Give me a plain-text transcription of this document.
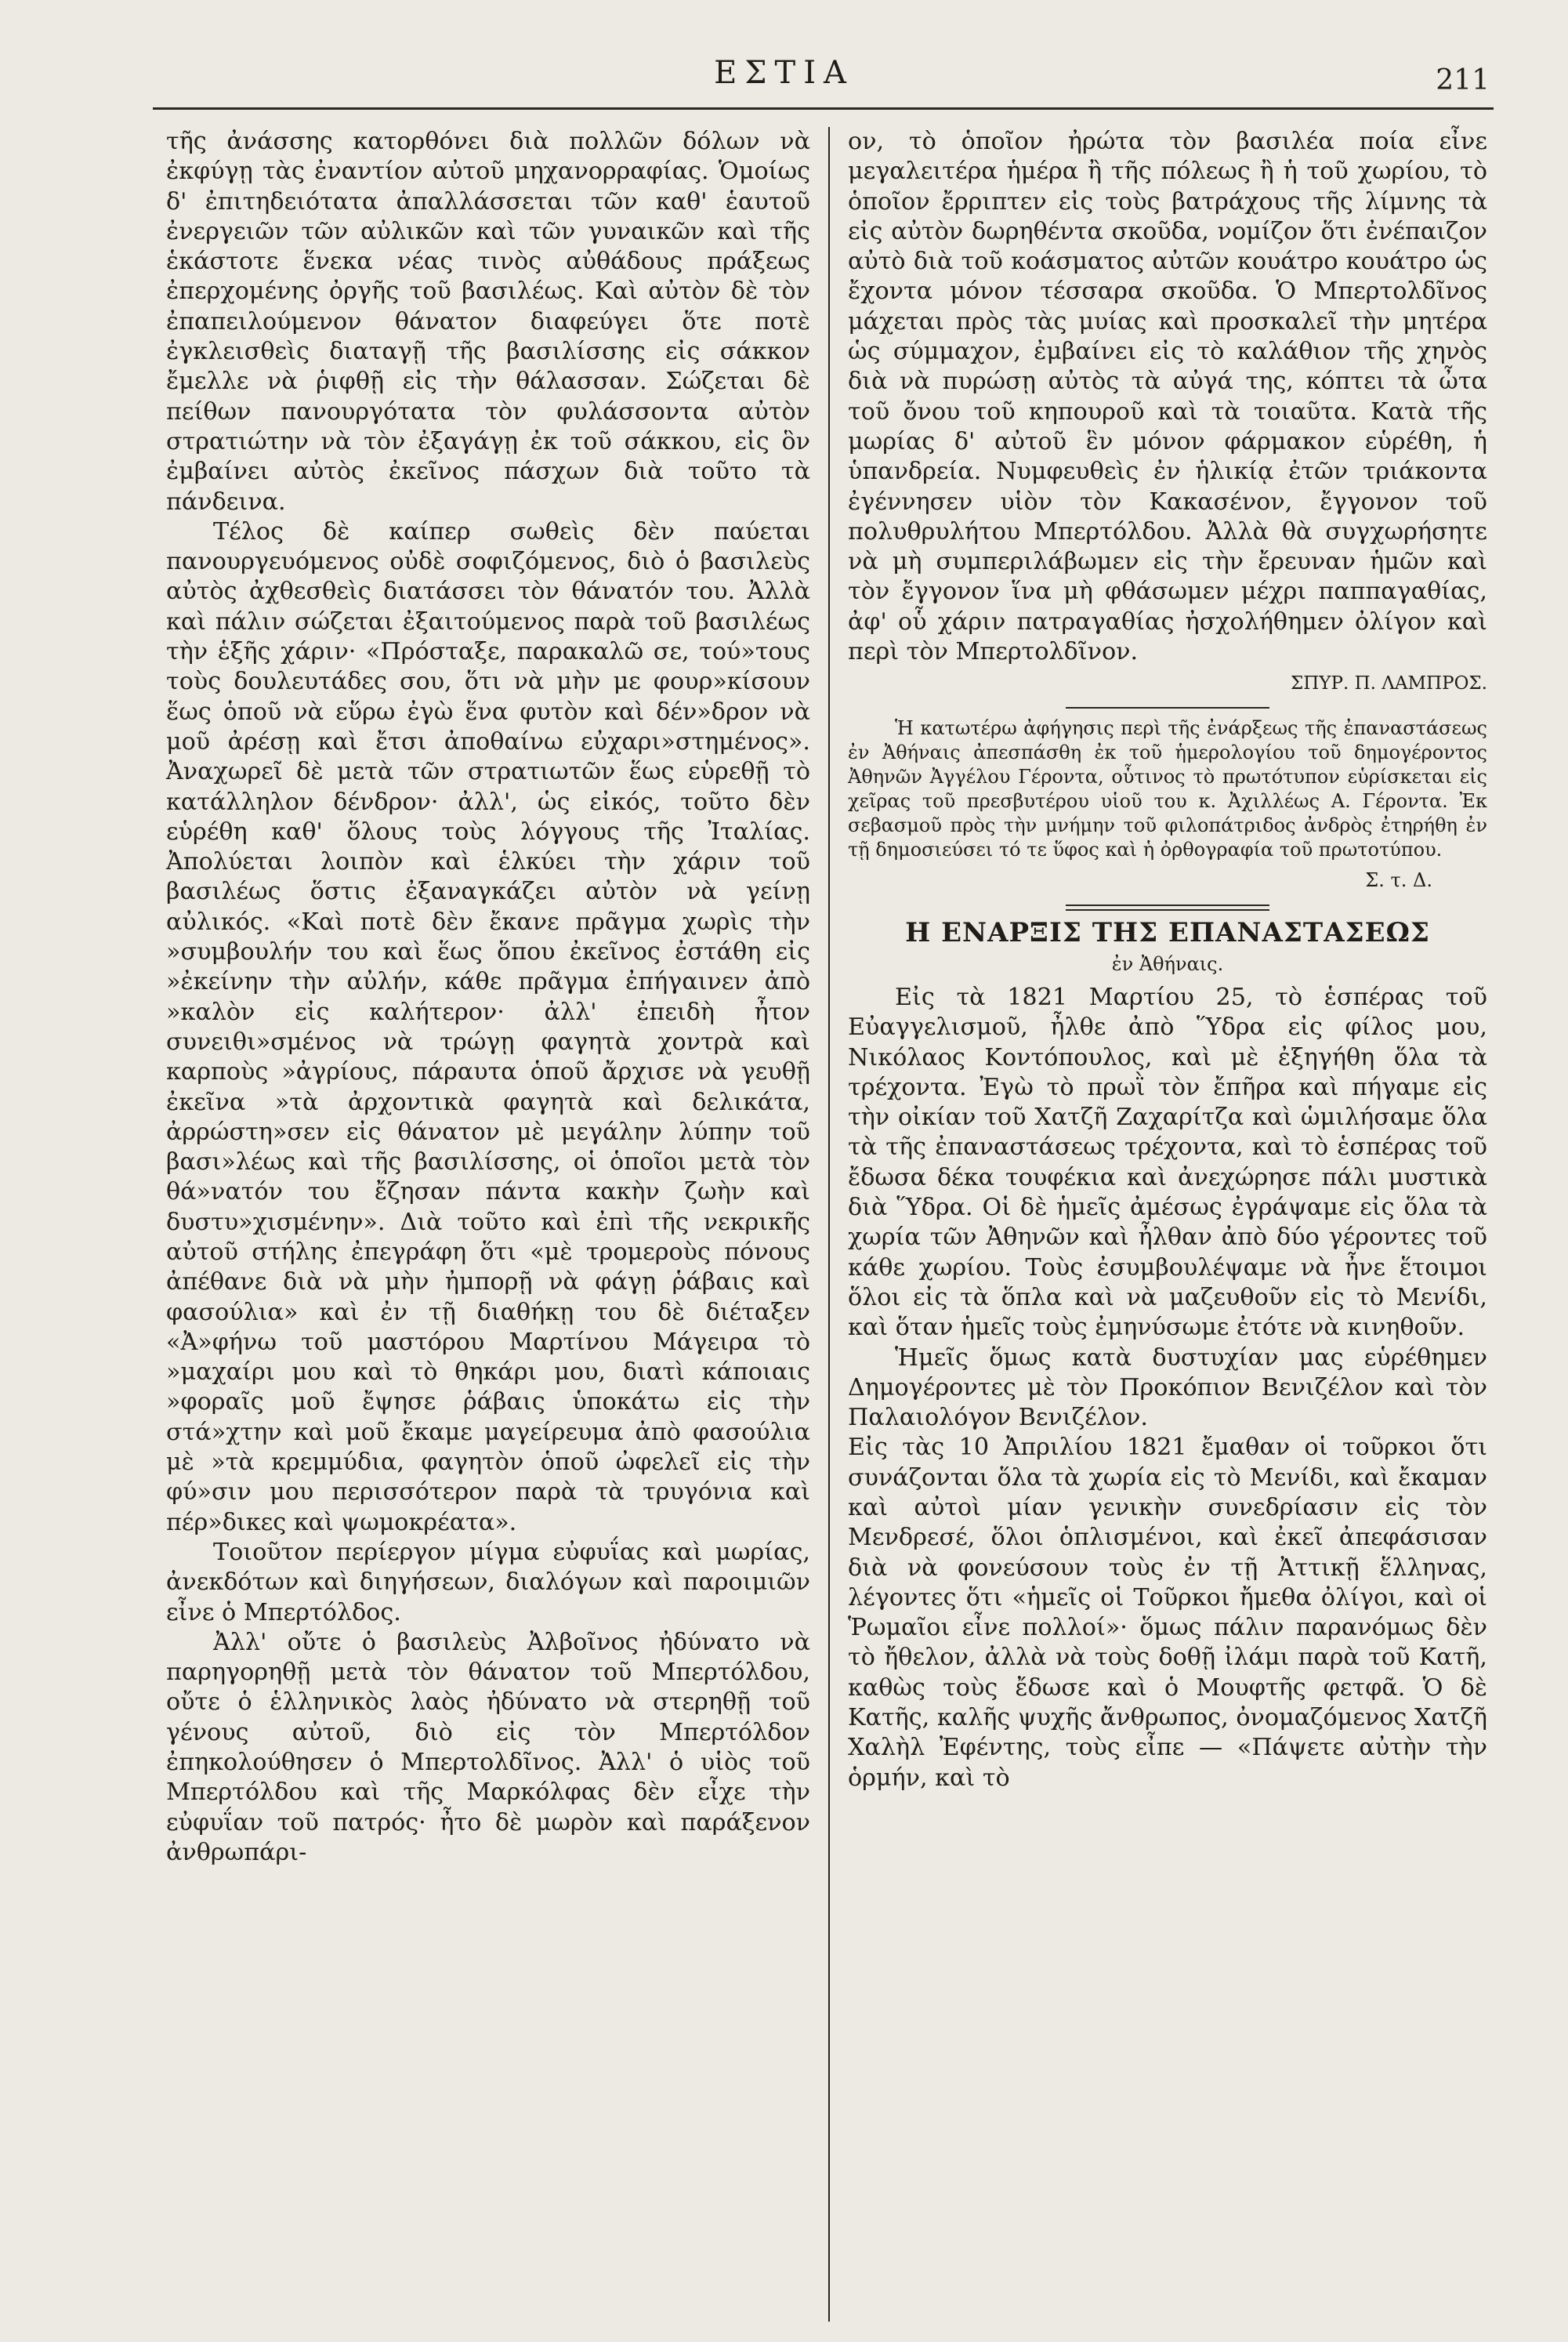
ΕΣΤΙΑ	211

τῆς ἀνάσσης κατορθόνει διὰ πολλῶν δόλων νὰ ἐκφύγῃ τὰς ἐναντίον αὐτοῦ μηχανορραφίας. Ὁμοίως δ' ἐπιτηδειότατα ἀπαλλάσσεται τῶν καθ' ἑαυτοῦ ἐνεργειῶν τῶν αὐλικῶν καὶ τῶν γυναικῶν καὶ τῆς ἑκάστοτε ἕνεκα νέας τινὸς αὐθάδους πράξεως ἐπερχομένης ὀργῆς τοῦ βασιλέως. Καὶ αὐτὸν δὲ τὸν ἐπαπειλούμενον θάνατον διαφεύγει ὅτε ποτὲ ἐγκλεισθεὶς διαταγῇ τῆς βασιλίσσης εἰς σάκκον ἔμελλε νὰ ῥιφθῇ εἰς τὴν θάλασσαν. Σώζεται δὲ πείθων πανουργότατα τὸν φυλάσσοντα αὐτὸν στρατιώτην νὰ τὸν ἐξαγάγῃ ἐκ τοῦ σάκκου, εἰς ὃν ἐμβαίνει αὐτὸς ἐκεῖνος πάσχων διὰ τοῦτο τὰ πάνδεινα.

Τέλος δὲ καίπερ σωθεὶς δὲν παύεται πανουργευόμενος οὐδὲ σοφιζόμενος, διὸ ὁ βασιλεὺς αὐτὸς ἀχθεσθεὶς διατάσσει τὸν θάνατόν του. Ἀλλὰ καὶ πάλιν σώζεται ἐξαιτούμενος παρὰ τοῦ βασιλέως τὴν ἑξῆς χάριν· «Πρόσταξε, παρακαλῶ σε, τού»τους τοὺς δουλευτάδες σου, ὅτι νὰ μὴν με φουρ»κίσουν ἕως ὁποῦ νὰ εὕρω ἐγὼ ἕνα φυτὸν καὶ δέν»δρον νὰ μοῦ ἀρέσῃ καὶ ἔτσι ἀποθαίνω εὐχαρι»στημένος». Ἀναχωρεῖ δὲ μετὰ τῶν στρατιωτῶν ἕως εὑρεθῇ τὸ κατάλληλον δένδρον· ἀλλ', ὡς εἰκός, τοῦτο δὲν εὑρέθη καθ' ὅλους τοὺς λόγγους τῆς Ἰταλίας. Ἀπολύεται λοιπὸν καὶ ἑλκύει τὴν χάριν τοῦ βασιλέως ὅστις ἐξαναγκάζει αὐτὸν νὰ γείνῃ αὐλικός. «Καὶ ποτὲ δὲν ἔκανε πρᾶγμα χωρὶς τὴν »συμβουλήν του καὶ ἕως ὅπου ἐκεῖνος ἐστάθη εἰς »ἐκείνην τὴν αὐλήν, κάθε πρᾶγμα ἐπήγαινεν ἀπὸ »καλὸν εἰς καλήτερον· ἀλλ' ἐπειδὴ ἦτον συνειθι»σμένος νὰ τρώγῃ φαγητὰ χοντρὰ καὶ καρποὺς »ἀγρίους, πάραυτα ὁποῦ ἄρχισε νὰ γευθῇ ἐκεῖνα »τὰ ἀρχοντικὰ φαγητὰ καὶ δελικάτα, ἀρρώστη»σεν εἰς θάνατον μὲ μεγάλην λύπην τοῦ βασι»λέως καὶ τῆς βασιλίσσης, οἱ ὁποῖοι μετὰ τὸν θά»νατόν του ἔζησαν πάντα κακὴν ζωὴν καὶ δυστυ»χισμένην». Διὰ τοῦτο καὶ ἐπὶ τῆς νεκρικῆς αὐτοῦ στήλης ἐπεγράφη ὅτι «μὲ τρομεροὺς πόνους ἀπέθανε διὰ νὰ μὴν ἠμπορῇ νὰ φάγῃ ῥάβαις καὶ φασούλια» καὶ ἐν τῇ διαθήκῃ του δὲ διέταξεν «Ἀ»φήνω τοῦ μαστόρου Μαρτίνου Μάγειρα τὸ »μαχαίρι μου καὶ τὸ θηκάρι μου, διατὶ κάποιαις »φοραῖς μοῦ ἔψησε ῥάβαις ὑποκάτω εἰς τὴν στά»χτην καὶ μοῦ ἔκαμε μαγείρευμα ἀπὸ φασούλια μὲ »τὰ κρεμμύδια, φαγητὸν ὁποῦ ὠφελεῖ εἰς τὴν φύ»σιν μου περισσότερον παρὰ τὰ τρυγόνια καὶ πέρ»δικες καὶ ψωμοκρέατα».

Τοιοῦτον περίεργον μίγμα εὐφυΐας καὶ μωρίας, ἀνεκδότων καὶ διηγήσεων, διαλόγων καὶ παροιμιῶν εἶνε ὁ Μπερτόλδος.

Ἀλλ' οὔτε ὁ βασιλεὺς Ἀλβοῖνος ἠδύνατο νὰ παρηγορηθῇ μετὰ τὸν θάνατον τοῦ Μπερτόλδου, οὔτε ὁ ἑλληνικὸς λαὸς ἠδύνατο νὰ στερηθῇ τοῦ γένους αὐτοῦ, διὸ εἰς τὸν Μπερτόλδον ἐπηκολούθησεν ὁ Μπερτολδῖνος. Ἀλλ' ὁ υἱὸς τοῦ Μπερτόλδου καὶ τῆς Μαρκόλφας δὲν εἶχε τὴν εὐφυΐαν τοῦ πατρός· ἦτο δὲ μωρὸν καὶ παράξενον ἀνθρωπάρι-

ον, τὸ ὁποῖον ἠρώτα τὸν βασιλέα ποία εἶνε μεγαλειτέρα ἡμέρα ἢ τῆς πόλεως ἢ ἡ τοῦ χωρίου, τὸ ὁποῖον ἔρριπτεν εἰς τοὺς βατράχους τῆς λίμνης τὰ εἰς αὐτὸν δωρηθέντα σκοῦδα, νομίζον ὅτι ἐνέπαιζον αὐτὸ διὰ τοῦ κοάσματος αὐτῶν κουάτρο κουάτρο ὡς ἔχοντα μόνον τέσσαρα σκοῦδα. Ὁ Μπερτολδῖνος μάχεται πρὸς τὰς μυίας καὶ προσκαλεῖ τὴν μητέρα ὡς σύμμαχον, ἐμβαίνει εἰς τὸ καλάθιον τῆς χηνὸς διὰ νὰ πυρώσῃ αὐτὸς τὰ αὐγά της, κόπτει τὰ ὦτα τοῦ ὄνου τοῦ κηπουροῦ καὶ τὰ τοιαῦτα. Κατὰ τῆς μωρίας δ' αὐτοῦ ἓν μόνον φάρμακον εὑρέθη, ἡ ὑπανδρεία. Νυμφευθεὶς ἐν ἡλικίᾳ ἐτῶν τριάκοντα ἐγέννησεν υἱὸν τὸν Κακασένον, ἔγγονον τοῦ πολυθρυλήτου Μπερτόλδου. Ἀλλὰ θὰ συγχωρήσητε νὰ μὴ συμπεριλάβωμεν εἰς τὴν ἔρευναν ἡμῶν καὶ τὸν ἔγγονον ἵνα μὴ φθάσωμεν μέχρι παππαγαθίας, ἀφ' οὗ χάριν πατραγαθίας ἠσχολήθημεν ὀλίγον καὶ περὶ τὸν Μπερτολδῖνον.

ΣΠΥΡ. Π. ΛΑΜΠΡΟΣ.

Ἡ κατωτέρω ἀφήγησις περὶ τῆς ἐνάρξεως τῆς ἐπαναστάσεως ἐν Ἀθήναις ἀπεσπάσθη ἐκ τοῦ ἡμερολογίου τοῦ δημογέροντος Ἀθηνῶν Ἀγγέλου Γέροντα, οὗτινος τὸ πρωτότυπον εὑρίσκεται εἰς χεῖρας τοῦ πρεσβυτέρου υἱοῦ του κ. Ἀχιλλέως Α. Γέροντα. Ἐκ σεβασμοῦ πρὸς τὴν μνήμην τοῦ φιλοπάτριδος ἀνδρὸς ἐτηρήθη ἐν τῇ δημοσιεύσει τό τε ὕφος καὶ ἡ ὀρθογραφία τοῦ πρωτοτύπου.

Σ. τ. Δ.

Η ΕΝΑΡΞΙΣ ΤΗΣ ΕΠΑΝΑΣΤΑΣΕΩΣ

ἐν Ἀθήναις.

Εἰς τὰ 1821 Μαρτίου 25, τὸ ἑσπέρας τοῦ Εὐαγγελισμοῦ, ἦλθε ἀπὸ Ὕδρα εἰς φίλος μου, Νικόλαος Κοντόπουλος, καὶ μὲ ἐξηγήθη ὅλα τὰ τρέχοντα. Ἐγὼ τὸ πρωῒ τὸν ἔπῆρα καὶ πήγαμε εἰς τὴν οἰκίαν τοῦ Χατζῆ Ζαχαρίτζα καὶ ὡμιλήσαμε ὅλα τὰ τῆς ἐπαναστάσεως τρέχοντα, καὶ τὸ ἑσπέρας τοῦ ἔδωσα δέκα τουφέκια καὶ ἀνεχώρησε πάλι μυστικὰ διὰ Ὕδρα. Οἱ δὲ ἡμεῖς ἀμέσως ἐγράψαμε εἰς ὅλα τὰ χωρία τῶν Ἀθηνῶν καὶ ἦλθαν ἀπὸ δύο γέροντες τοῦ κάθε χωρίου. Τοὺς ἐσυμβουλέψαμε νὰ ἦνε ἕτοιμοι ὅλοι εἰς τὰ ὅπλα καὶ νὰ μαζευθοῦν εἰς τὸ Μενίδι, καὶ ὅταν ἡμεῖς τοὺς ἐμηνύσωμε ἐτότε νὰ κινηθοῦν.

Ἡμεῖς ὅμως κατὰ δυστυχίαν μας εὑρέθημεν Δημογέροντες μὲ τὸν Προκόπιον Βενιζέλον καὶ τὸν Παλαιολόγον Βενιζέλον.

Εἰς τὰς 10 Ἀπριλίου 1821 ἔμαθαν οἱ τοῦρκοι ὅτι συνάζονται ὅλα τὰ χωρία εἰς τὸ Μενίδι, καὶ ἔκαμαν καὶ αὐτοὶ μίαν γενικὴν συνεδρίασιν εἰς τὸν Μενδρεσέ, ὅλοι ὁπλισμένοι, καὶ ἐκεῖ ἀπεφάσισαν διὰ νὰ φονεύσουν τοὺς ἐν τῇ Ἀττικῇ ἕλληνας, λέγοντες ὅτι «ἡμεῖς οἱ Τοῦρκοι ἤμεθα ὀλίγοι, καὶ οἱ Ῥωμαῖοι εἶνε πολλοί»· ὅμως πάλιν παρανόμως δὲν τὸ ἤθελον, ἀλλὰ νὰ τοὺς δοθῇ ἰλάμι παρὰ τοῦ Κατῆ, καθὼς τοὺς ἔδωσε καὶ ὁ Μουφτῆς φετφᾶ. Ὁ δὲ Κατῆς, καλῆς ψυχῆς ἄνθρωπος, ὀνομαζόμενος Χατζῆ Χαλὴλ Ἐφέντης, τοὺς εἶπε — «Πάψετε αὐτὴν τὴν ὁρμήν, καὶ τὸ
